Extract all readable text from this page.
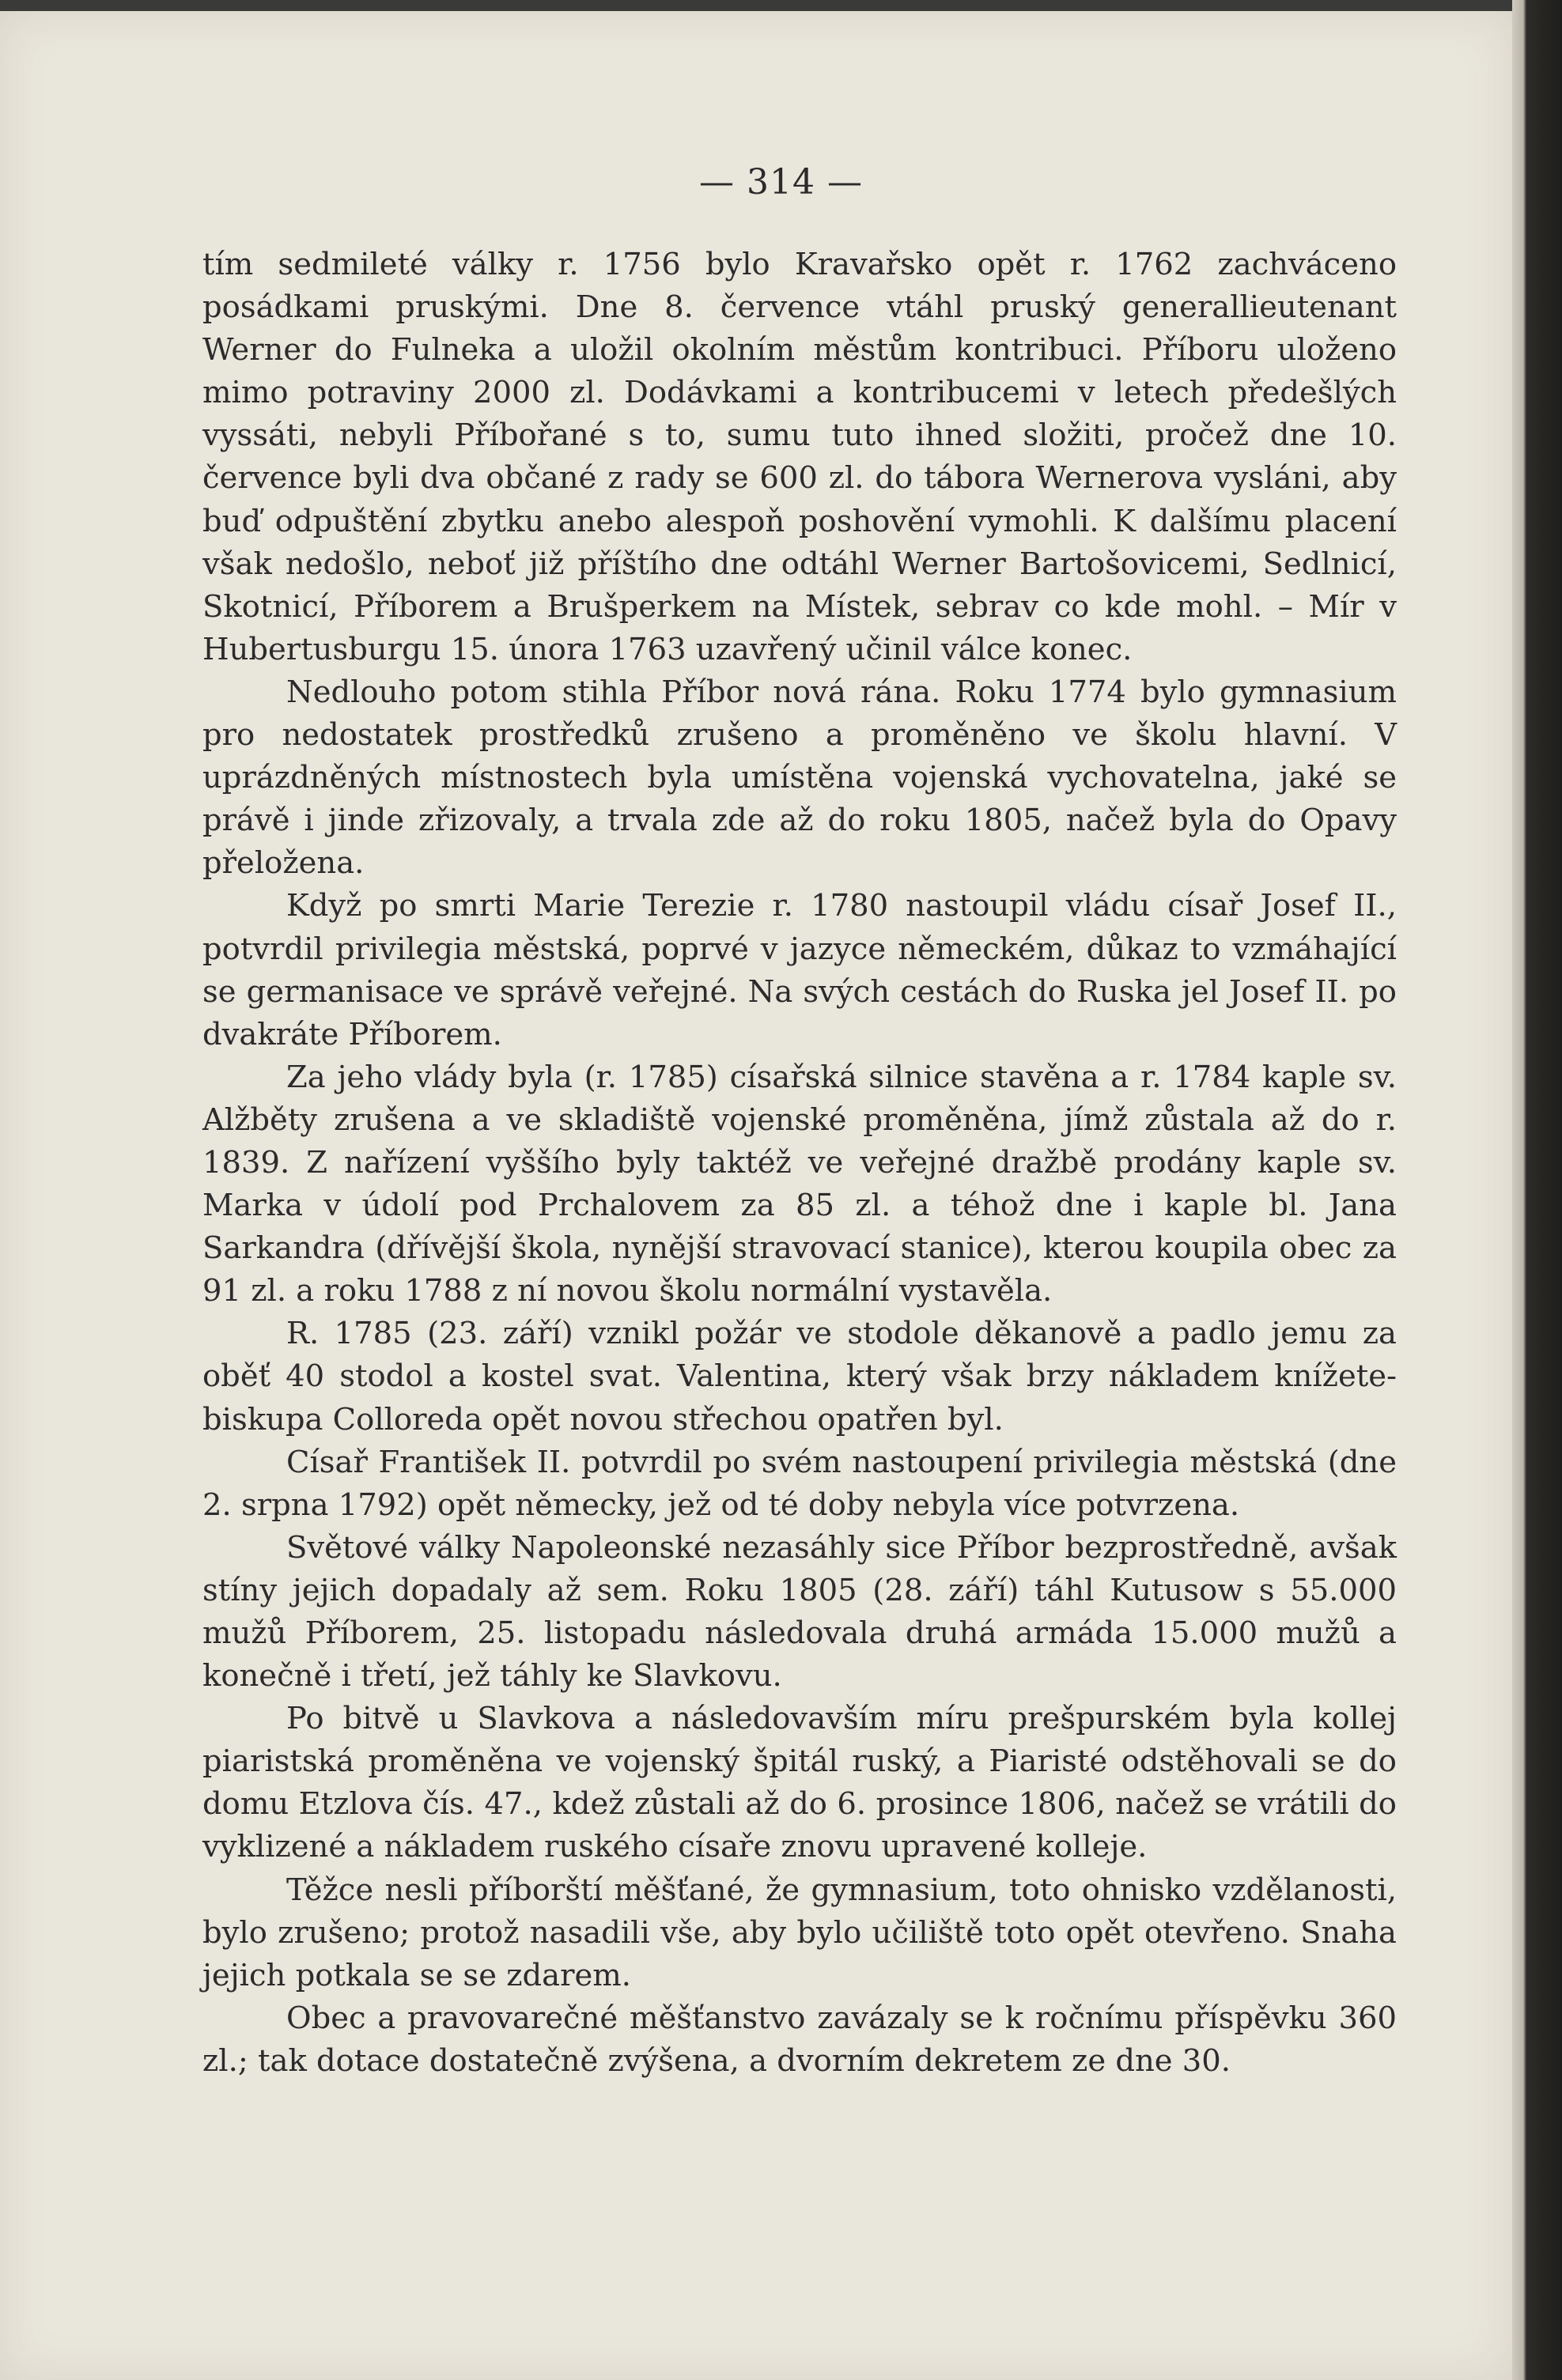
— 314 —

tím sedmileté války r. 1756 bylo Kravařsko opět r. 1762 zachváceno posádkami pruskými. Dne 8. července vtáhl pruský generallieutenant Werner do Fulneka a uložil okolním městům kontribuci. Příboru uloženo mimo potraviny 2000 zl. Dodávkami a kontribucemi v letech předešlých vyssáti, nebyli Příbořané s to, sumu tuto ihned složiti, pročež dne 10. července byli dva občané z rady se 600 zl. do tábora Wernerova vysláni, aby buď odpuštění zbytku anebo alespoň poshovění vymohli. K dalšímu placení však nedošlo, neboť již příštího dne odtáhl Werner Bartošovicemi, Sedlnicí, Skotnicí, Příborem a Brušperkem na Místek, sebrav co kde mohl. – Mír v Hubertusburgu 15. února 1763 uzavřený učinil válce konec.

Nedlouho potom stihla Příbor nová rána. Roku 1774 bylo gymnasium pro nedostatek prostředků zrušeno a proměněno ve školu hlavní. V uprázdněných místnostech byla umístěna vojenská vychovatelna, jaké se právě i jinde zřizovaly, a trvala zde až do roku 1805, načež byla do Opavy přeložena.

Když po smrti Marie Terezie r. 1780 nastoupil vládu císař Josef II., potvrdil privilegia městská, poprvé v jazyce německém, důkaz to vzmáhající se germanisace ve správě veřejné. Na svých cestách do Ruska jel Josef II. po dvakráte Příborem.

Za jeho vlády byla (r. 1785) císařská silnice stavěna a r. 1784 kaple sv. Alžběty zrušena a ve skladiště vojenské proměněna, jímž zůstala až do r. 1839. Z nařízení vyššího byly taktéž ve veřejné dražbě prodány kaple sv. Marka v údolí pod Prchalovem za 85 zl. a téhož dne i kaple bl. Jana Sarkandra (dřívější škola, nynější stravovací stanice), kterou koupila obec za 91 zl. a roku 1788 z ní novou školu normální vystavěla.

R. 1785 (23. září) vznikl požár ve stodole děkanově a padlo jemu za oběť 40 stodol a kostel svat. Valentina, který však brzy nákladem knížete-biskupa Colloreda opět novou střechou opatřen byl.

Císař František II. potvrdil po svém nastoupení privilegia městská (dne 2. srpna 1792) opět německy, jež od té doby nebyla více potvrzena.

Světové války Napoleonské nezasáhly sice Příbor bezprostředně, avšak stíny jejich dopadaly až sem. Roku 1805 (28. září) táhl Kutusow s 55.000 mužů Příborem, 25. listopadu následovala druhá armáda 15.000 mužů a konečně i třetí, jež táhly ke Slavkovu.

Po bitvě u Slavkova a následovavším míru prešpurském byla kollej piaristská proměněna ve vojenský špitál ruský, a Piaristé odstěhovali se do domu Etzlova čís. 47., kdež zůstali až do 6. prosince 1806, načež se vrátili do vyklizené a nákladem ruského císaře znovu upravené kolleje.

Těžce nesli příborští měšťané, že gymnasium, toto ohnisko vzdělanosti, bylo zrušeno; protož nasadili vše, aby bylo učiliště toto opět otevřeno. Snaha jejich potkala se se zdarem.

Obec a pravovarečné měšťanstvo zavázaly se k ročnímu příspěvku 360 zl.; tak dotace dostatečně zvýšena, a dvorním dekretem ze dne 30.
